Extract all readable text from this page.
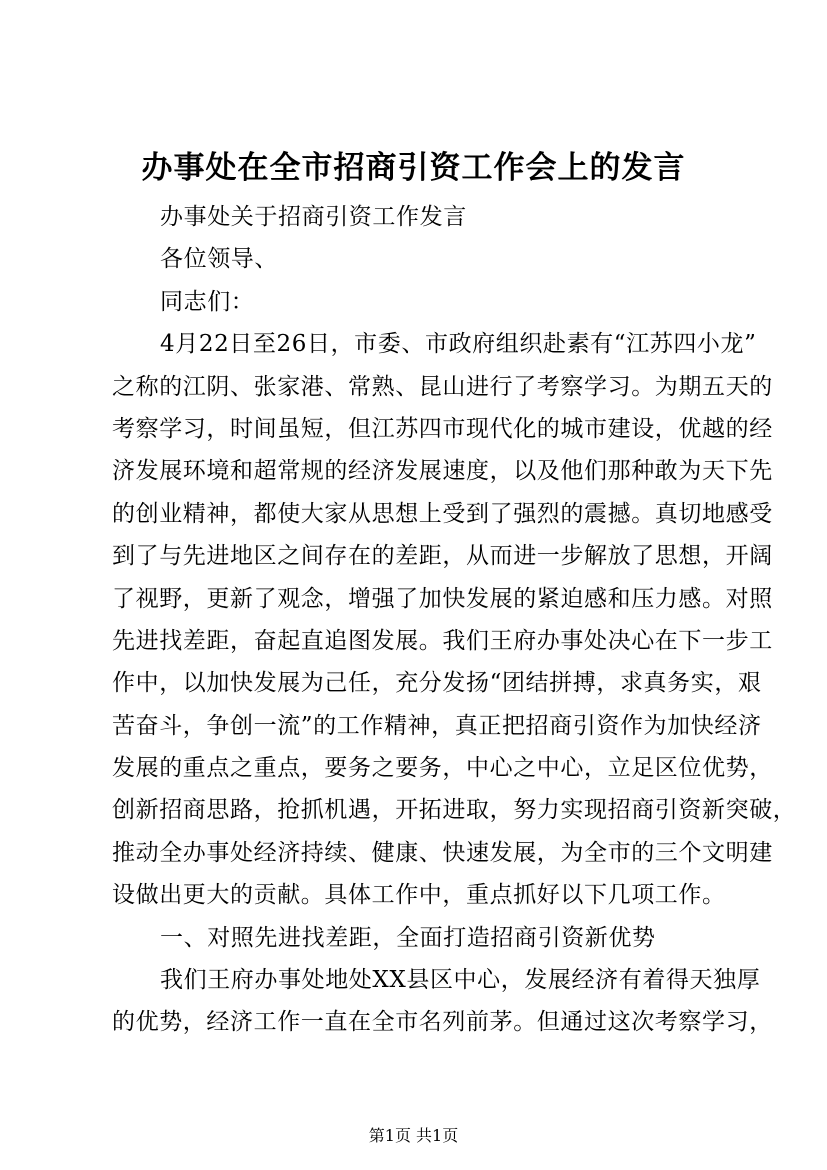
办事处在全市招商引资工作会上的发言
办事处关于招商引资工作发言
各位领导、
同志们：
4月22日至26日，市委、市政府组织赴素有“江苏四小龙”
之称的江阴、张家港、常熟、昆山进行了考察学习。为期五天的
考察学习，时间虽短，但江苏四市现代化的城市建设，优越的经
济发展环境和超常规的经济发展速度，以及他们那种敢为天下先
的创业精神，都使大家从思想上受到了强烈的震撼。真切地感受
到了与先进地区之间存在的差距，从而进一步解放了思想，开阔
了视野，更新了观念，增强了加快发展的紧迫感和压力感。对照
先进找差距，奋起直追图发展。我们王府办事处决心在下一步工
作中，以加快发展为己任，充分发扬“团结拼搏，求真务实，艰
苦奋斗，争创一流”的工作精神，真正把招商引资作为加快经济
发展的重点之重点，要务之要务，中心之中心，立足区位优势，
创新招商思路，抢抓机遇，开拓进取，努力实现招商引资新突破，
推动全办事处经济持续、健康、快速发展，为全市的三个文明建
设做出更大的贡献。具体工作中，重点抓好以下几项工作。
一、对照先进找差距，全面打造招商引资新优势
我们王府办事处地处XX县区中心，发展经济有着得天独厚
的优势，经济工作一直在全市名列前茅。但通过这次考察学习，
第1页 共1页
